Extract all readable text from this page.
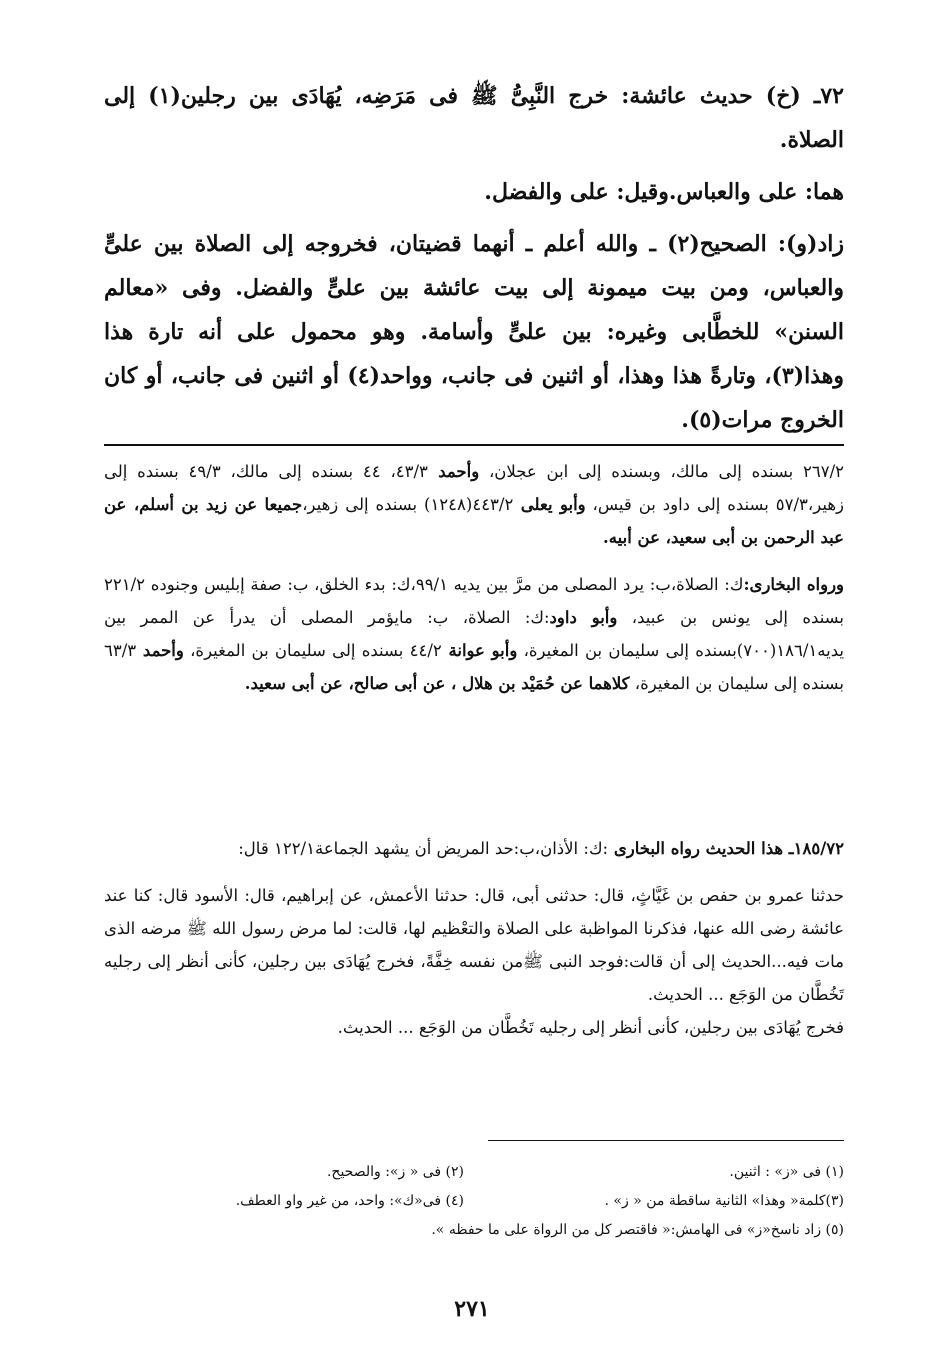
٧٢ـ (خ) حديث عائشة: خرج النَّبِىُّ ﷺ فى مَرَضِه، يُهَادَى بين رجلين(١) إلى الصلاة.

هما: على والعباس.وقيل: على والفضل.

زاد(و): الصحيح(٢) ـ والله أعلم ـ أنهما قضيتان، فخروجه إلى الصلاة بين علىٍّ والعباس، ومن بيت ميمونة إلى بيت عائشة بين علىٍّ والفضل. وفى «معالم السنن» للخطَّابى وغيره: بين علىٍّ وأسامة. وهو محمول على أنه تارة هذا وهذا(٣)، وتارةً هذا وهذا، أو اثنين فى جانب، وواحد(٤) أو اثنين فى جانب، أو كان الخروج مرات(٥).

٢٦٧/٢ بسنده إلى مالك، وبسنده إلى ابن عجلان، وأحمد ٤٣/٣، ٤٤ بسنده إلى مالك، ٤٩/٣ بسنده إلى زهير،٥٧/٣ بسنده إلى داود بن قيس، وأبو يعلى ٤٤٣/٢(١٢٤٨) بسنده إلى زهير،جميعا عن زيد بن أسلم، عن عبد الرحمن بن أبى سعيد، عن أبيه.

ورواه البخارى:ك: الصلاة،ب: يرد المصلى من مرَّ بين يديه ٩٩/١،ك: بدء الخلق، ب: صفة إبليس وجنوده ٢٢١/٢ بسنده إلى يونس بن عبيد، وأبو داود:ك: الصلاة، ب: مايؤمر المصلى أن يدرأ عن الممر بين يديه١٨٦/١(٧٠٠)بسنده إلى سليمان بن المغيرة، وأبو عوانة ٤٤/٢ بسنده إلى سليمان بن المغيرة، وأحمد ٦٣/٣ بسنده إلى سليمان بن المغيرة، كلاهما عن حُمَيْد بن هلال ، عن أبى صالح، عن أبى سعيد.

١٨٥/٧٢ـ هذا الحديث رواه البخارى :ك: الأذان،ب:حد المريض أن يشهد الجماعة١٢٢/١ قال:

حدثنا عمرو بن حفص بن غَيَّاثٍ، قال: حدثنى أبى، قال: حدثنا الأعمش، عن إبراهيم، قال: الأسود قال: كنا عند عائشة رضى الله عنها، فذكرنا المواظبة على الصلاة والتعْظيم لها، قالت: لما مرض رسول الله ﷺ مرضه الذى مات فيه...الحديث إلى أن قالت:فوجد النبى ﷺمن نفسه خِفَّةً، فخرج يُهَادَى بين رجلين، كأنى أنظر إلى رجليه تَخُطَّان من الوَجَع ... الحديث.

فخرج يُهَادَى بين رجلين، كأنى أنظر إلى رجليه تَخُطَّان من الوَجَع ... الحديث.

(١) فى «ز» : اثنين.
(٢) فى « ز»: والصحيح.
(٣)كلمة« وهذا» الثانية ساقطة من « ز» .
(٤) فى«ك»: واحد، من غير واو العطف.
(٥) زاد ناسخ«ز» فى الهامش:« فاقتصر كل من الرواة على ما حفظه ».
٢٧١
